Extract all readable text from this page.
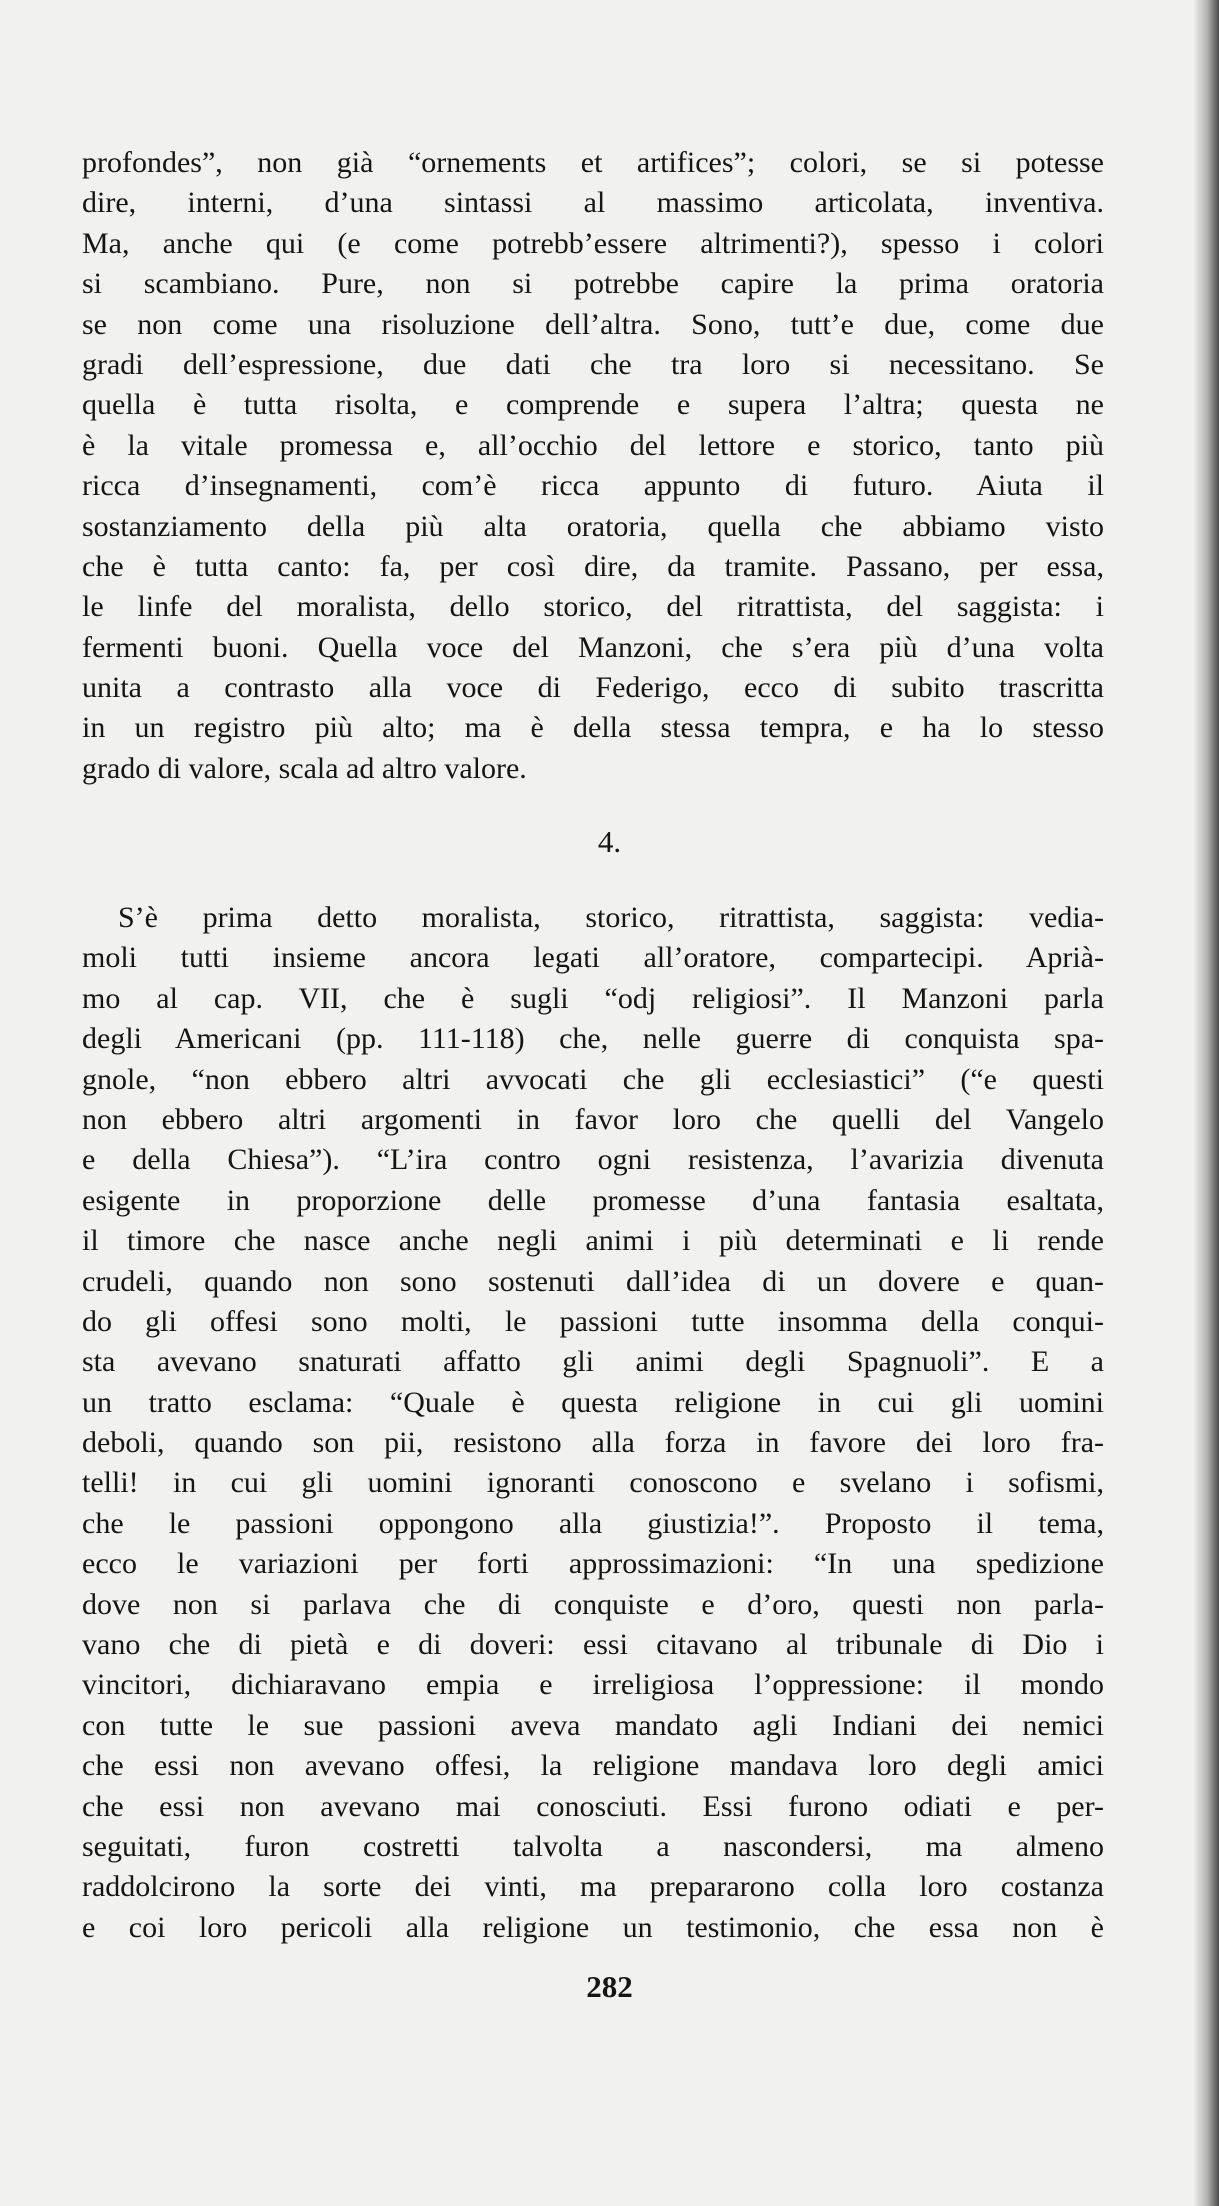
profondes”, non già “ornements et artifices”; colori, se si potesse
dire, interni, d’una sintassi al massimo articolata, inventiva.
Ma, anche qui (e come potrebb’essere altrimenti?), spesso i colori
si scambiano. Pure, non si potrebbe capire la prima oratoria
se non come una risoluzione dell’altra. Sono, tutt’e due, come due
gradi dell’espressione, due dati che tra loro si necessitano. Se
quella è tutta risolta, e comprende e supera l’altra; questa ne
è la vitale promessa e, all’occhio del lettore e storico, tanto più
ricca d’insegnamenti, com’è ricca appunto di futuro. Aiuta il
sostanziamento della più alta oratoria, quella che abbiamo visto
che è tutta canto: fa, per così dire, da tramite. Passano, per essa,
le linfe del moralista, dello storico, del ritrattista, del saggista: i
fermenti buoni. Quella voce del Manzoni, che s’era più d’una volta
unita a contrasto alla voce di Federigo, ecco di subito trascritta
in un registro più alto; ma è della stessa tempra, e ha lo stesso
grado di valore, scala ad altro valore.
4.
S’è prima detto moralista, storico, ritrattista, saggista: vedia-
moli tutti insieme ancora legati all’oratore, compartecipi. Aprià-
mo al cap. VII, che è sugli “odj religiosi”. Il Manzoni parla
degli Americani (pp. 111-118) che, nelle guerre di conquista spa-
gnole, “non ebbero altri avvocati che gli ecclesiastici” (“e questi
non ebbero altri argomenti in favor loro che quelli del Vangelo
e della Chiesa”). “L’ira contro ogni resistenza, l’avarizia divenuta
esigente in proporzione delle promesse d’una fantasia esaltata,
il timore che nasce anche negli animi i più determinati e li rende
crudeli, quando non sono sostenuti dall’idea di un dovere e quan-
do gli offesi sono molti, le passioni tutte insomma della conqui-
sta avevano snaturati affatto gli animi degli Spagnuoli”. E a
un tratto esclama: “Quale è questa religione in cui gli uomini
deboli, quando son pii, resistono alla forza in favore dei loro fra-
telli! in cui gli uomini ignoranti conoscono e svelano i sofismi,
che le passioni oppongono alla giustizia!”. Proposto il tema,
ecco le variazioni per forti approssimazioni: “In una spedizione
dove non si parlava che di conquiste e d’oro, questi non parla-
vano che di pietà e di doveri: essi citavano al tribunale di Dio i
vincitori, dichiaravano empia e irreligiosa l’oppressione: il mondo
con tutte le sue passioni aveva mandato agli Indiani dei nemici
che essi non avevano offesi, la religione mandava loro degli amici
che essi non avevano mai conosciuti. Essi furono odiati e per-
seguitati, furon costretti talvolta a nascondersi, ma almeno
raddolcirono la sorte dei vinti, ma prepararono colla loro costanza
e coi loro pericoli alla religione un testimonio, che essa non è
282
